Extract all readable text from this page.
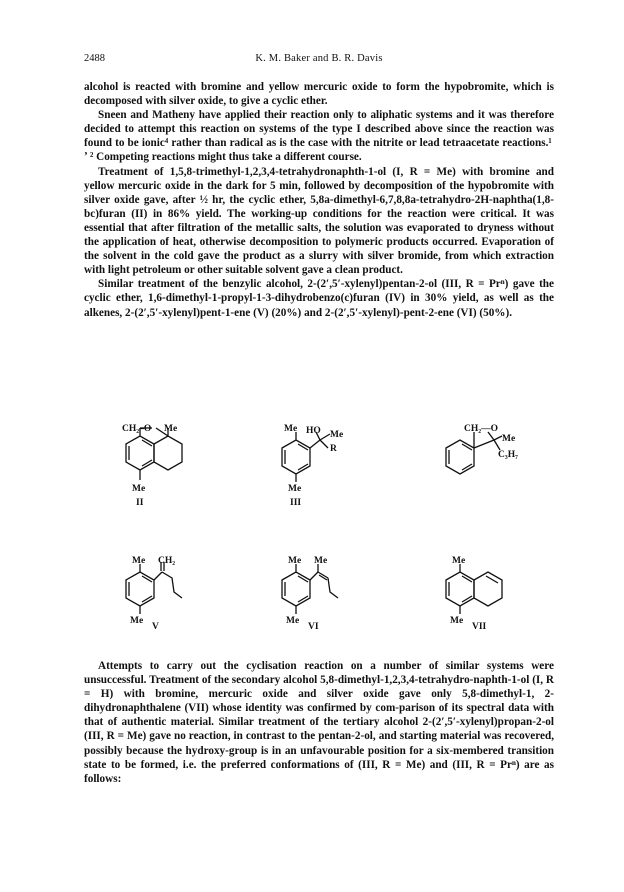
2488	K. M. Baker and B. R. Davis

alcohol is reacted with bromine and yellow mercuric oxide to form the hypobromite, which is decomposed with silver oxide, to give a cyclic ether.

Sneen and Matheny have applied their reaction only to aliphatic systems and it was therefore decided to attempt this reaction on systems of the type I described above since the reaction was found to be ionic⁴ rather than radical as is the case with the nitrite or lead tetraacetate reactions.¹ ʼ ² Competing reactions might thus take a different course.

Treatment of 1,5,8-trimethyl-1,2,3,4-tetrahydronaphth-1-ol (I, R = Me) with bromine and yellow mercuric oxide in the dark for 5 min, followed by decomposition of the hypobromite with silver oxide gave, after ½ hr, the cyclic ether, 5,8a-dimethyl-6,7,8,8a-tetrahydro-2H-naphtha(1,8-bc)furan (II) in 86% yield. The working-up conditions for the reaction were critical. It was essential that after filtration of the metallic salts, the solution was evaporated to dryness without the application of heat, otherwise decomposition to polymeric products occurred. Evaporation of the solvent in the cold gave the product as a slurry with silver bromide, from which extraction with light petroleum or other suitable solvent gave a clean product.

Similar treatment of the benzylic alcohol, 2-(2′,5′-xylenyl)pentan-2-ol (III, R = Prⁿ) gave the cyclic ether, 1,6-dimethyl-1-propyl-1-3-dihydrobenzo(c)furan (IV) in 30% yield, as well as the alkenes, 2-(2′,5′-xylenyl)pent-1-ene (V) (20%) and 2-(2′,5′-xylenyl)-pent-2-ene (VI) (50%).

CH₂–O Me
Me
II
Me HO Me
R
Me
III
CH₂—O
Me
C₃H₇
Me CH₂
Me
V
Me Me
Me
VI
Me
Me
VII

Attempts to carry out the cyclisation reaction on a number of similar systems were unsuccessful. Treatment of the secondary alcohol 5,8-dimethyl-1,2,3,4-tetrahydro-naphth-1-ol (I, R = H) with bromine, mercuric oxide and silver oxide gave only 5,8-dimethyl-1, 2-dihydronaphthalene (VII) whose identity was confirmed by com-parison of its spectral data with that of authentic material. Similar treatment of the tertiary alcohol 2-(2′,5′-xylenyl)propan-2-ol (III, R = Me) gave no reaction, in contrast to the pentan-2-ol, and starting material was recovered, possibly because the hydroxy-group is in an unfavourable position for a six-membered transition state to be formed, i.e. the preferred conformations of (III, R = Me) and (III, R = Prⁿ) are as follows:
